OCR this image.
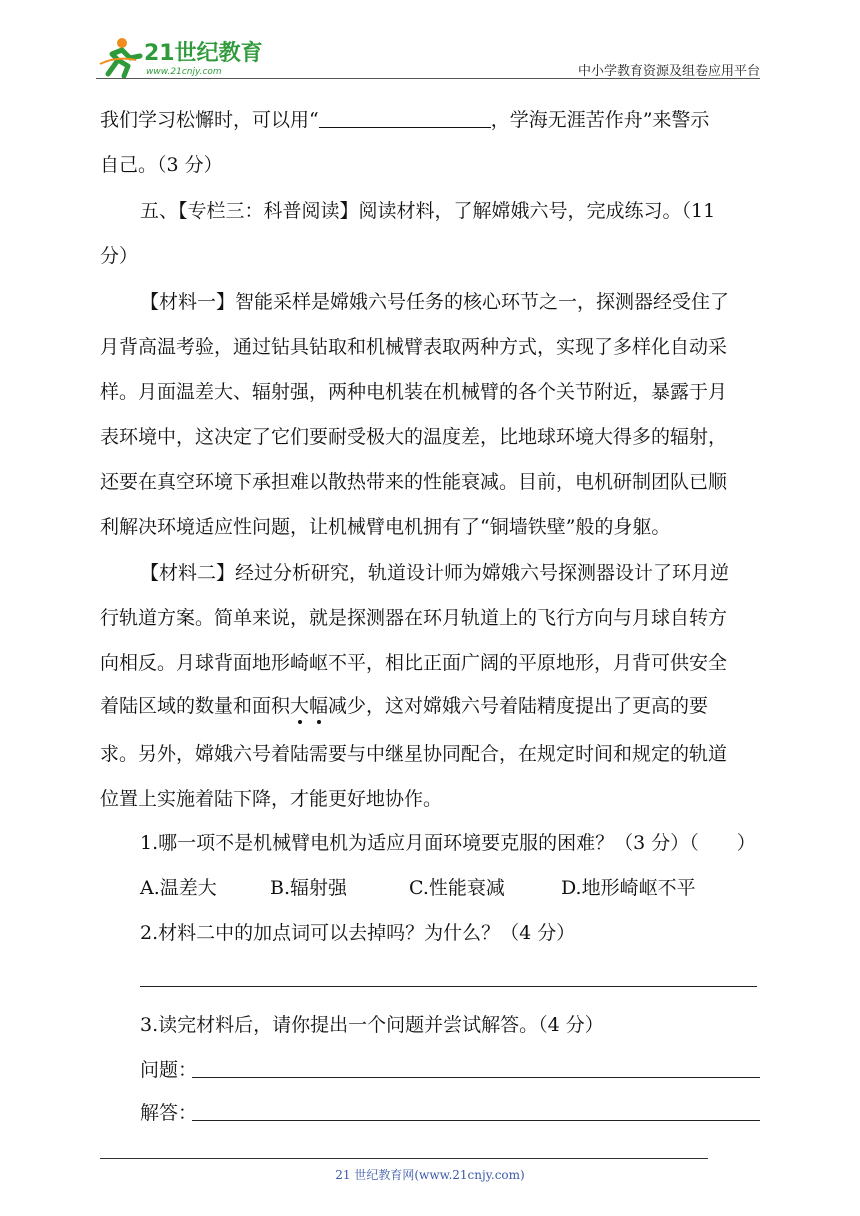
21世纪教育
www.21cnjy.com	中小学教育资源及组卷应用平台
我们学习松懈时，可以用“	，学海无涯苦作舟”来警示
自己。（3 分）
五、【专栏三：科普阅读】阅读材料，了解嫦娥六号，完成练习。（11
分）
【材料一】智能采样是嫦娥六号任务的核心环节之一，探测器经受住了
月背高温考验，通过钻具钻取和机械臂表取两种方式，实现了多样化自动采
样。月面温差大、辐射强，两种电机装在机械臂的各个关节附近，暴露于月
表环境中，这决定了它们要耐受极大的温度差，比地球环境大得多的辐射，
还要在真空环境下承担难以散热带来的性能衰减。目前，电机研制团队已顺
利解决环境适应性问题，让机械臂电机拥有了“铜墙铁壁”般的身躯。
【材料二】经过分析研究，轨道设计师为嫦娥六号探测器设计了环月逆
行轨道方案。简单来说，就是探测器在环月轨道上的飞行方向与月球自转方
向相反。月球背面地形崎岖不平，相比正面广阔的平原地形，月背可供安全
着陆区域的数量和面积大幅减少，这对嫦娥六号着陆精度提出了更高的要
求。另外，嫦娥六号着陆需要与中继星协同配合，在规定时间和规定的轨道
位置上实施着陆下降，才能更好地协作。
1.哪一项不是机械臂电机为适应月面环境要克服的困难？（3 分）（　　）
A.温差大	B.辐射强	C.性能衰减	D.地形崎岖不平
2.材料二中的加点词可以去掉吗？为什么？（4 分）
3.读完材料后，请你提出一个问题并尝试解答。（4 分）
问题：
解答：
21 世纪教育网(www.21cnjy.com)
